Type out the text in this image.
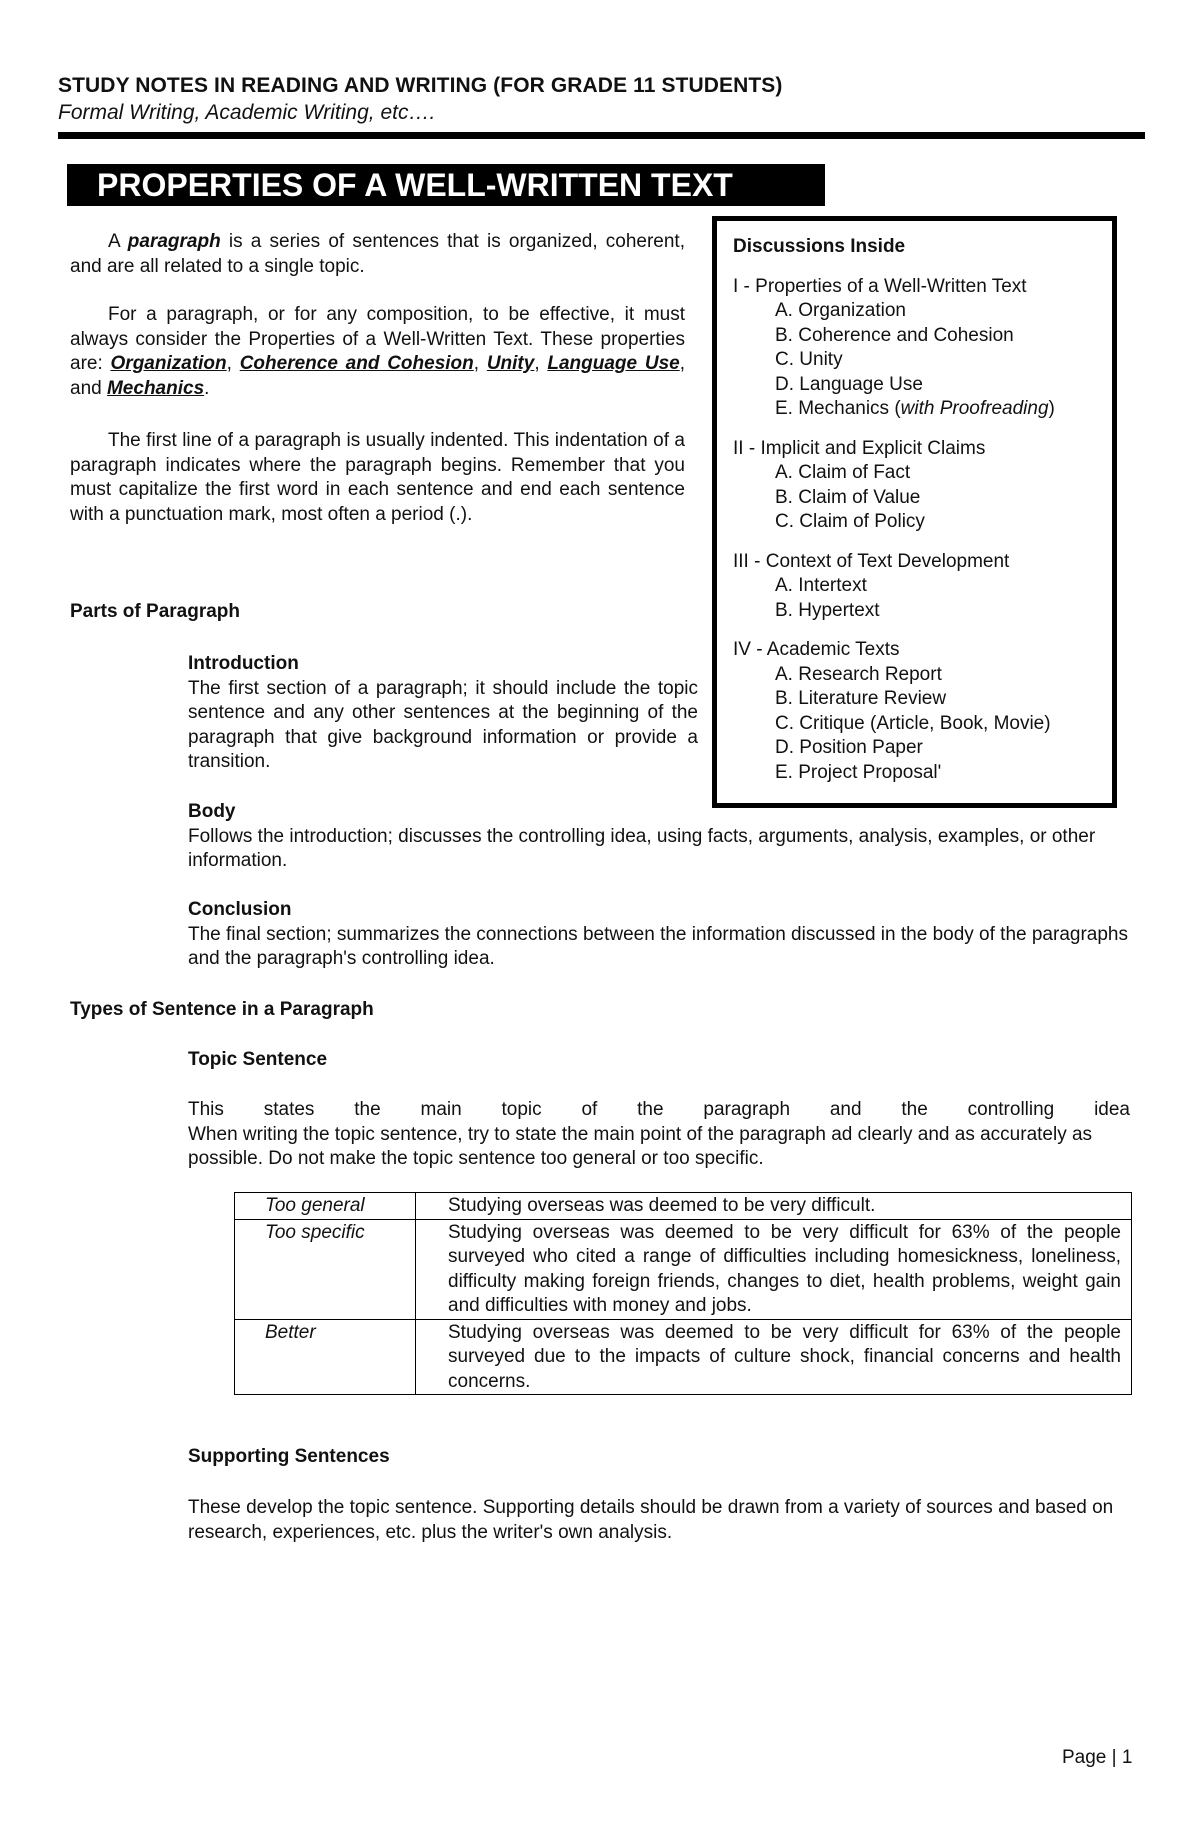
STUDY NOTES IN READING AND WRITING (FOR GRADE 11 STUDENTS)
Formal Writing, Academic Writing, etc….
PROPERTIES OF A WELL-WRITTEN TEXT
A paragraph is a series of sentences that is organized, coherent, and are all related to a single topic.
For a paragraph, or for any composition, to be effective, it must always consider the Properties of a Well-Written Text. These properties are: Organization, Coherence and Cohesion, Unity, Language Use, and Mechanics.
The first line of a paragraph is usually indented. This indentation of a paragraph indicates where the paragraph begins. Remember that you must capitalize the first word in each sentence and end each sentence with a punctuation mark, most often a period (.).
Parts of Paragraph
Introduction
The first section of a paragraph; it should include the topic sentence and any other sentences at the beginning of the paragraph that give background information or provide a transition.
Body
Follows the introduction; discusses the controlling idea, using facts, arguments, analysis, examples, or other information.
Conclusion
The final section; summarizes the connections between the information discussed in the body of the paragraphs and the paragraph's controlling idea.
Types of Sentence in a Paragraph
Topic Sentence
This states the main topic of the paragraph and the controlling idea
When writing the topic sentence, try to state the main point of the paragraph ad clearly and as accurately as possible. Do not make the topic sentence too general or too specific.
Too general	Studying overseas was deemed to be very difficult.
Too specific	Studying overseas was deemed to be very difficult for 63% of the people surveyed who cited a range of difficulties including homesickness, loneliness, difficulty making foreign friends, changes to diet, health problems, weight gain and difficulties with money and jobs.
Better	Studying overseas was deemed to be very difficult for 63% of the people surveyed due to the impacts of culture shock, financial concerns and health concerns.
Supporting Sentences
These develop the topic sentence. Supporting details should be drawn from a variety of sources and based on research, experiences, etc. plus the writer's own analysis.
Discussions Inside
I - Properties of a Well-Written Text
A. Organization
B. Coherence and Cohesion
C. Unity
D. Language Use
E. Mechanics (with Proofreading)
II - Implicit and Explicit Claims
A. Claim of Fact
B. Claim of Value
C. Claim of Policy
III - Context of Text Development
A. Intertext
B. Hypertext
IV - Academic Texts
A. Research Report
B. Literature Review
C. Critique (Article, Book, Movie)
D. Position Paper
E. Project Proposal'
Page | 1
